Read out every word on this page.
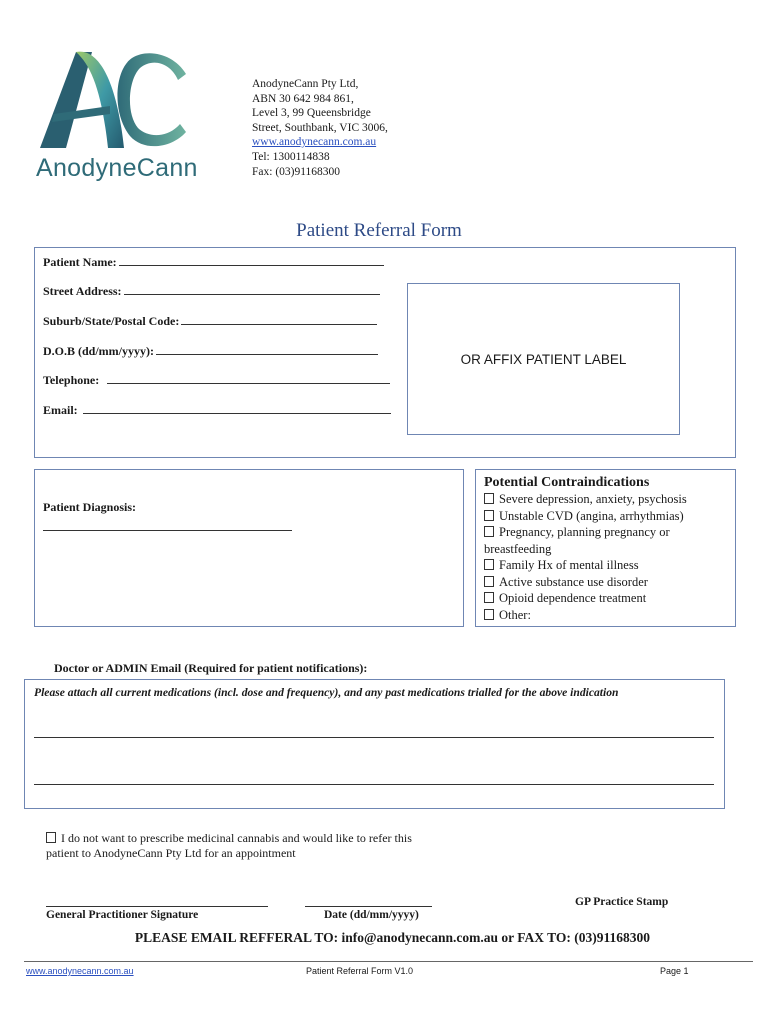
AnodyneCann
AnodyneCann Pty Ltd,
ABN 30 642 984 861,
Level 3, 99 Queensbridge
Street, Southbank, VIC 3006,
www.anodynecann.com.au
Tel: 1300114838
Fax: (03)91168300
Patient Referral Form
Patient Name:
Street Address:
Suburb/State/Postal Code:
D.O.B (dd/mm/yyyy):
Telephone:
Email:
OR AFFIX PATIENT LABEL
Patient Diagnosis:
Potential Contraindications
Severe depression, anxiety, psychosis
Unstable CVD (angina, arrhythmias)
Pregnancy, planning pregnancy or breastfeeding
Family Hx of mental illness
Active substance use disorder
Opioid dependence treatment
Other:
Doctor or ADMIN Email (Required for patient notifications):
Please attach all current medications (incl. dose and frequency), and any past medications trialled for the above indication
I do not want to prescribe medicinal cannabis and would like to refer this
patient to AnodyneCann Pty Ltd for an appointment
General Practitioner Signature	Date (dd/mm/yyyy)
GP Practice Stamp
PLEASE EMAIL REFFERAL TO: info@anodynecann.com.au or FAX TO: (03)91168300
www.anodynecann.com.au	Patient Referral Form V1.0	Page 1
